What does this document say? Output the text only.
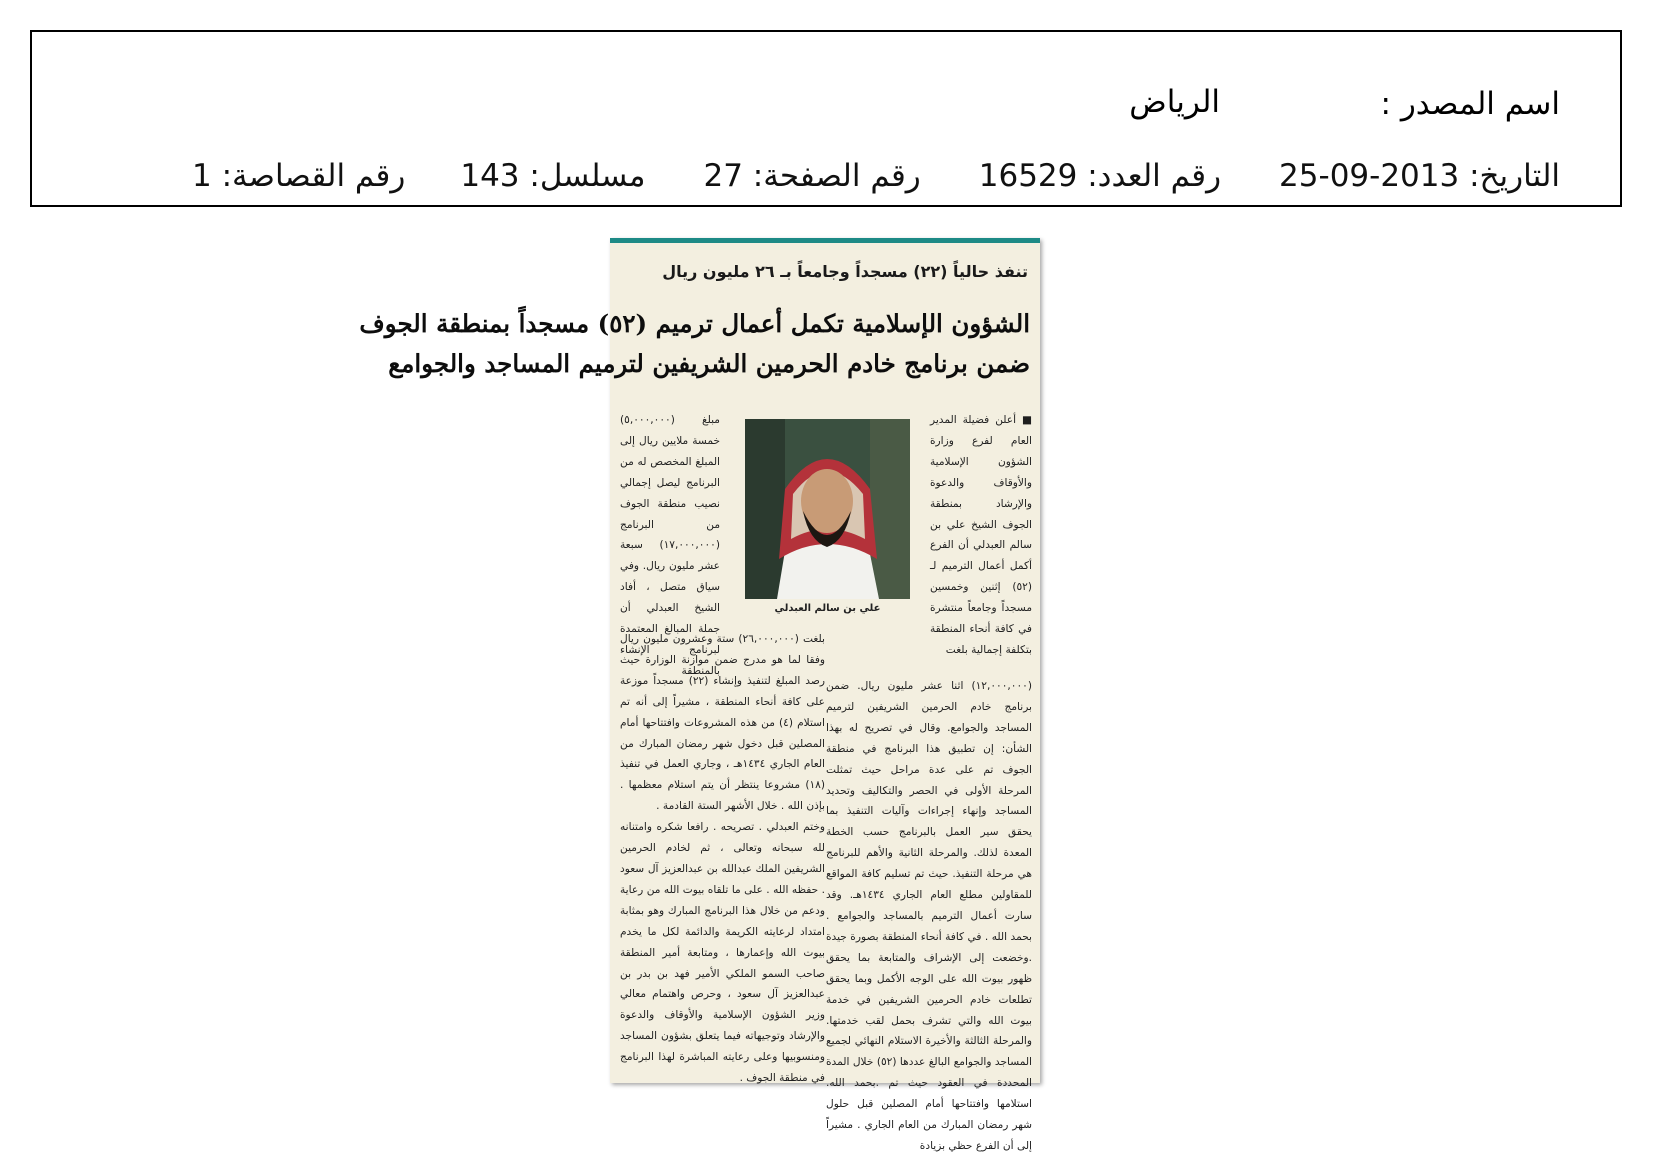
اسم المصدر :
الرياض
التاريخ: 2013-09-25
رقم العدد: 16529
رقم الصفحة: 27
مسلسل: 143
رقم القصاصة: 1
تنفذ حالياً (٢٢) مسجداً وجامعاً بـ ٢٦ مليون ريال
الشؤون الإسلامية تكمل أعمال ترميم (٥٢) مسجداً بمنطقة الجوف
ضمن برنامج خادم الحرمين الشريفين لترميم المساجد والجوامع

■ أعلن فضيلة المدير العام لفرع وزارة الشؤون الإسلامية والأوقاف والدعوة والإرشاد بمنطقة الجوف الشيخ علي بن سالم العبدلي أن الفرع أكمل أعمال الترميم لـ (٥٢) إثنين وخمسين مسجداً وجامعاً منتشرة في كافة أنحاء المنطقة بتكلفة إجمالية بلغت

علي بن سالم العبدلي

مبلغ (٥,٠٠٠,٠٠٠) خمسة ملايين ريال إلى المبلغ المخصص له من البرنامج ليصل إجمالي نصيب منطقة الجوف من البرنامج (١٧,٠٠٠,٠٠٠) سبعة عشر مليون ريال. وفي سياق متصل ، أفاد الشيخ العبدلي أن جملة المبالغ المعتمدة لبرنامج الإنشاء بالمنطقة

(١٢,٠٠٠,٠٠٠) اثنا عشر مليون ريال. ضمن برنامج خادم الحرمين الشريفين لترميم المساجد والجوامع. وقال في تصريح له بهذا الشأن: إن تطبيق هذا البرنامج في منطقة الجوف تم على عدة مراحل حيث تمثلت المرحلة الأولى في الحصر والتكاليف وتحديد المساجد وإنهاء إجراءات وآليات التنفيذ بما يحقق سير العمل بالبرنامج حسب الخطة المعدة لذلك. والمرحلة الثانية والأهم للبرنامج هي مرحلة التنفيذ. حيث تم تسليم كافة المواقع للمقاولين مطلع العام الجاري ١٤٣٤هـ. وقد سارت أعمال الترميم بالمساجد والجوامع . بحمد الله . في كافة أنحاء المنطقة بصورة جيدة .وخضعت إلى الإشراف والمتابعة بما يحقق ظهور بيوت الله على الوجه الأكمل وبما يحقق تطلعات خادم الحرمين الشريفين في خدمة بيوت الله والتي تشرف بحمل لقب خدمتها. والمرحلة الثالثة والأخيرة الاستلام النهائي لجميع المساجد والجوامع البالغ عددها (٥٢) خلال المدة المحددة في العقود حيث تم .بحمد الله. استلامها وافتتاحها أمام المصلين قبل حلول شهر رمضان المبارك من العام الجاري . مشيراً إلى أن الفرع حظي بزيادة

بلغت (٢٦,٠٠٠,٠٠٠) ستة وعشرون مليون ريال وفقا لما هو مدرج ضمن موازنة الوزارة حيث رصد المبلغ لتنفيذ وإنشاء (٢٢) مسجداً موزعة على كافة أنحاء المنطقة ، مشيراً إلى أنه تم استلام (٤) من هذه المشروعات وافتتاحها أمام المصلين قبل دخول شهر رمضان المبارك من العام الجاري ١٤٣٤هـ ، وجاري العمل في تنفيذ (١٨) مشروعا ينتظر أن يتم استلام معظمها . بإذن الله . خلال الأشهر الستة القادمة .

وختم العبدلي . تصريحه . رافعا شكره وامتنانه لله سبحانه وتعالى ، ثم لخادم الحرمين الشريفين الملك عبدالله بن عبدالعزيز آل سعود . حفظه الله . على ما تلقاه بيوت الله من رعاية ودعم من خلال هذا البرنامج المبارك وهو بمثابة امتداد لرعايته الكريمة والدائمة لكل ما يخدم بيوت الله وإعمارها ، ومتابعة أمير المنطقة صاحب السمو الملكي الأمير فهد بن بدر بن عبدالعزيز آل سعود ، وحرص واهتمام معالي وزير الشؤون الإسلامية والأوقاف والدعوة والإرشاد وتوجيهاته فيما يتعلق بشؤون المساجد ومنسوبيها وعلى رعايته المباشرة لهذا البرنامج في منطقة الجوف .
